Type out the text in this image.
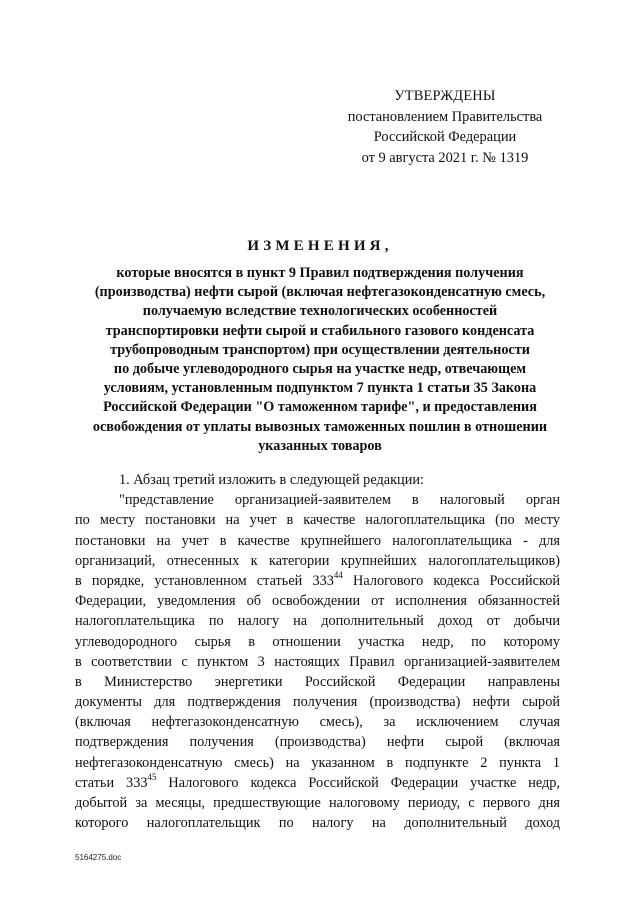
УТВЕРЖДЕНЫ
постановлением Правительства
Российской Федерации
от 9 августа 2021 г. № 1319
ИЗМЕНЕНИЯ,
которые вносятся в пункт 9 Правил подтверждения получения
(производства) нефти сырой (включая нефтегазоконденсатную смесь,
получаемую вследствие технологических особенностей
транспортировки нефти сырой и стабильного газового конденсата
трубопроводным транспортом) при осуществлении деятельности
по добыче углеводородного сырья на участке недр, отвечающем
условиям, установленным подпунктом 7 пункта 1 статьи 35 Закона
Российской Федерации "О таможенном тарифе", и предоставления
освобождения от уплаты вывозных таможенных пошлин в отношении
указанных товаров
1. Абзац третий изложить в следующей редакции:
"представление организацией-заявителем в налоговый орган
по месту постановки на учет в качестве налогоплательщика (по месту
постановки на учет в качестве крупнейшего налогоплательщика - для
организаций, отнесенных к категории крупнейших налогоплательщиков)
в порядке, установленном статьей $333^{44}$ Налогового кодекса Российской
Федерации, уведомления об освобождении от исполнения обязанностей
налогоплательщика по налогу на дополнительный доход от добычи
углеводородного сырья в отношении участка недр, по которому
в соответствии с пунктом 3 настоящих Правил организацией-заявителем
в Министерство энергетики Российской Федерации направлены
документы для подтверждения получения (производства) нефти сырой
(включая нефтегазоконденсатную смесь), за исключением случая
подтверждения получения (производства) нефти сырой (включая
нефтегазоконденсатную смесь) на указанном в подпункте 2 пункта 1
статьи $333^{45}$ Налогового кодекса Российской Федерации участке недр,
добытой за месяцы, предшествующие налоговому периоду, с первого дня
которого налогоплательщик по налогу на дополнительный доход
5164275.doc
